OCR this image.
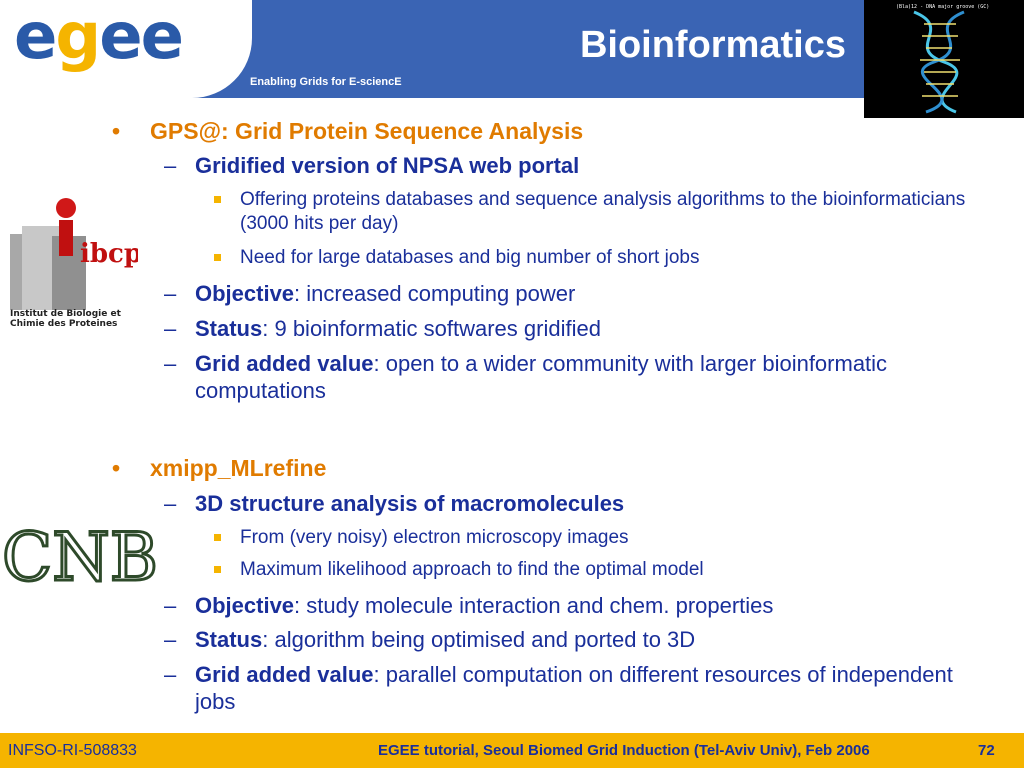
egee
Enabling Grids for E-sciencE
Bioinformatics
(Bla)12 - DNA major groove (GC)
ibcp
Institut de Biologie et
Chimie des Proteines
CNB
• GPS@: Grid Protein Sequence Analysis
– Gridified version of NPSA web portal
Offering proteins databases and sequence analysis algorithms to the bioinformaticians (3000 hits per day)
Need for large databases and big number of short jobs
– Objective: increased computing power
– Status: 9 bioinformatic softwares gridified
– Grid added value: open to a wider community with larger bioinformatic computations
• xmipp_MLrefine
– 3D structure analysis of macromolecules
From (very noisy) electron microscopy images
Maximum likelihood approach to find the optimal model
– Objective: study molecule interaction and chem. properties
– Status: algorithm being optimised and ported to 3D
– Grid added value: parallel computation on different resources of independent jobs
INFSO-RI-508833	EGEE tutorial, Seoul Biomed Grid Induction (Tel-Aviv Univ), Feb 2006	72
